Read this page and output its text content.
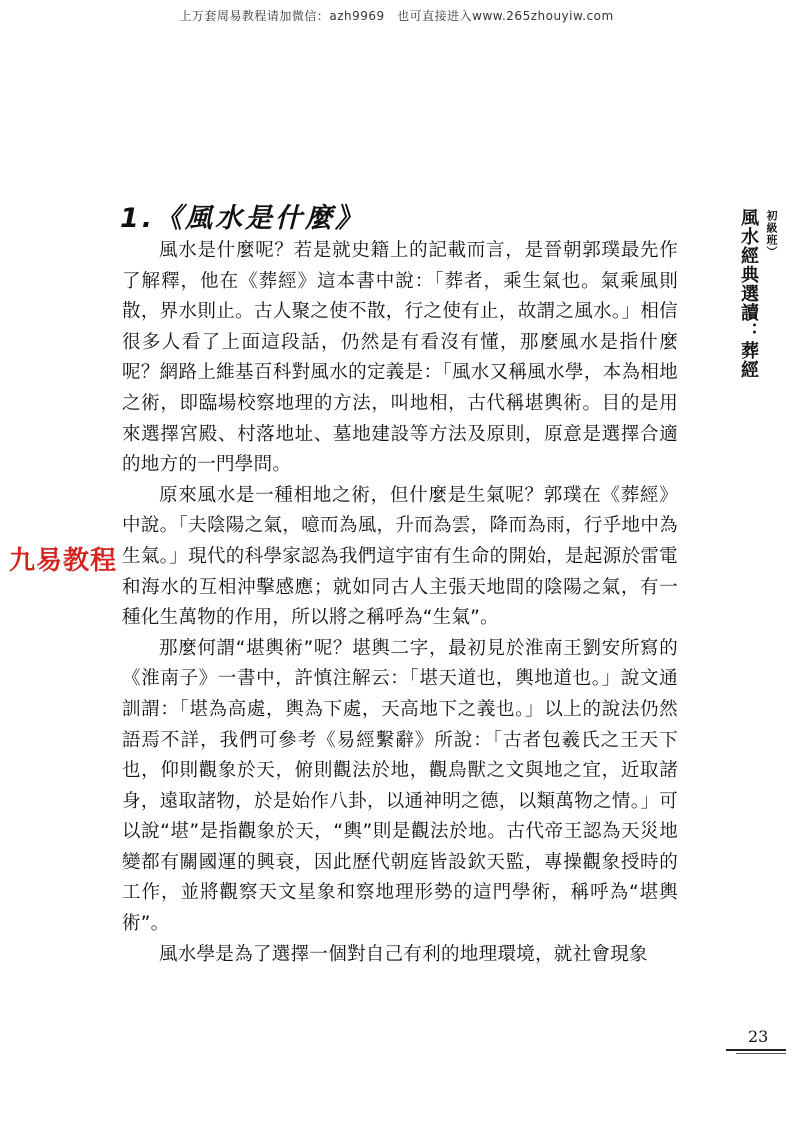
上万套周易教程请加微信：azh9969　也可直接进入www.265zhouyiw.com
1.《風水是什麼》

風水是什麼呢？若是就史籍上的記載而言，是晉朝郭璞最先作了解釋，他在《葬經》這本書中說：「葬者，乘生氣也。氣乘風則散，界水則止。古人聚之使不散，行之使有止，故謂之風水。」相信很多人看了上面這段話，仍然是有看沒有懂，那麼風水是指什麼呢？網路上維基百科對風水的定義是：「風水又稱風水學，本為相地之術，即臨場校察地理的方法，叫地相，古代稱堪輿術。目的是用來選擇宮殿、村落地址、墓地建設等方法及原則，原意是選擇合適的地方的一門學問。

原來風水是一種相地之術，但什麼是生氣呢？郭璞在《葬經》中說。「夫陰陽之氣，噫而為風，升而為雲，降而為雨，行乎地中為生氣。」現代的科學家認為我們這宇宙有生命的開始，是起源於雷電和海水的互相沖擊感應；就如同古人主張天地間的陰陽之氣，有一種化生萬物的作用，所以將之稱呼為“生氣”。

那麼何謂“堪輿術”呢？堪輿二字，最初見於淮南王劉安所寫的《淮南子》一書中，許慎注解云：「堪天道也，輿地道也。」說文通訓謂：「堪為高處，輿為下處，天高地下之義也。」以上的說法仍然語焉不詳，我們可參考《易經繫辭》所說：「古者包羲氏之王天下也，仰則觀象於天，俯則觀法於地，觀鳥獸之文與地之宜，近取諸身，遠取諸物，於是始作八卦，以通神明之德，以類萬物之情。」可以說“堪”是指觀象於天，“輿”則是觀法於地。古代帝王認為天災地變都有關國運的興衰，因此歷代朝庭皆設欽天監，專操觀象授時的工作，並將觀察天文星象和察地理形勢的這門學術，稱呼為“堪輿術”。

風水學是為了選擇一個對自己有利的地理環境，就社會現象

九易教程
初級班）
風水經典選讀：葬經
23
